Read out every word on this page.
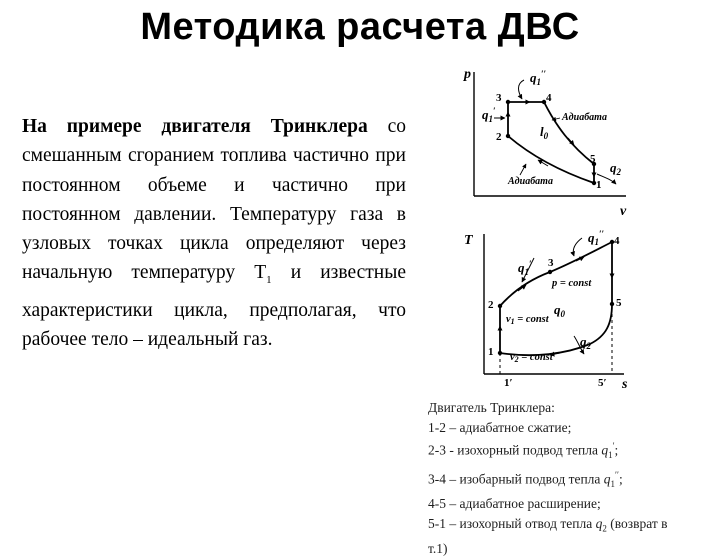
Методика расчета ДВС
На примере двигателя Тринклера со смешанным сгоранием топлива частично при постоянном объеме и частично при постоянном давлении. Температуру газа в узловых точках цикла определяют через начальную температуру $Т_1$ и известные характеристики цикла, предполагая, что рабочее тело – идеальный газ.
p
v
1
2
3	4
5
$q_1'$
$q_1''$
$l_0$
$q_2$
Адиабата
Адиабата
T
s
1′	5′
1
2
3
4
5
$q_1'$
$q_1''$
p = const
$q_0$
v1 = const
v2 = const
$q_2$
Двигатель Тринклера:
1-2 – адиабатное сжатие;
2-3 - изохорный подвод тепла $q_1'$;
3-4 – изобарный подвод тепла $q_1''$;
4-5 – адиабатное расширение;
5-1 – изохорный отвод тепла $q_2$ (возврат в
т.1)
